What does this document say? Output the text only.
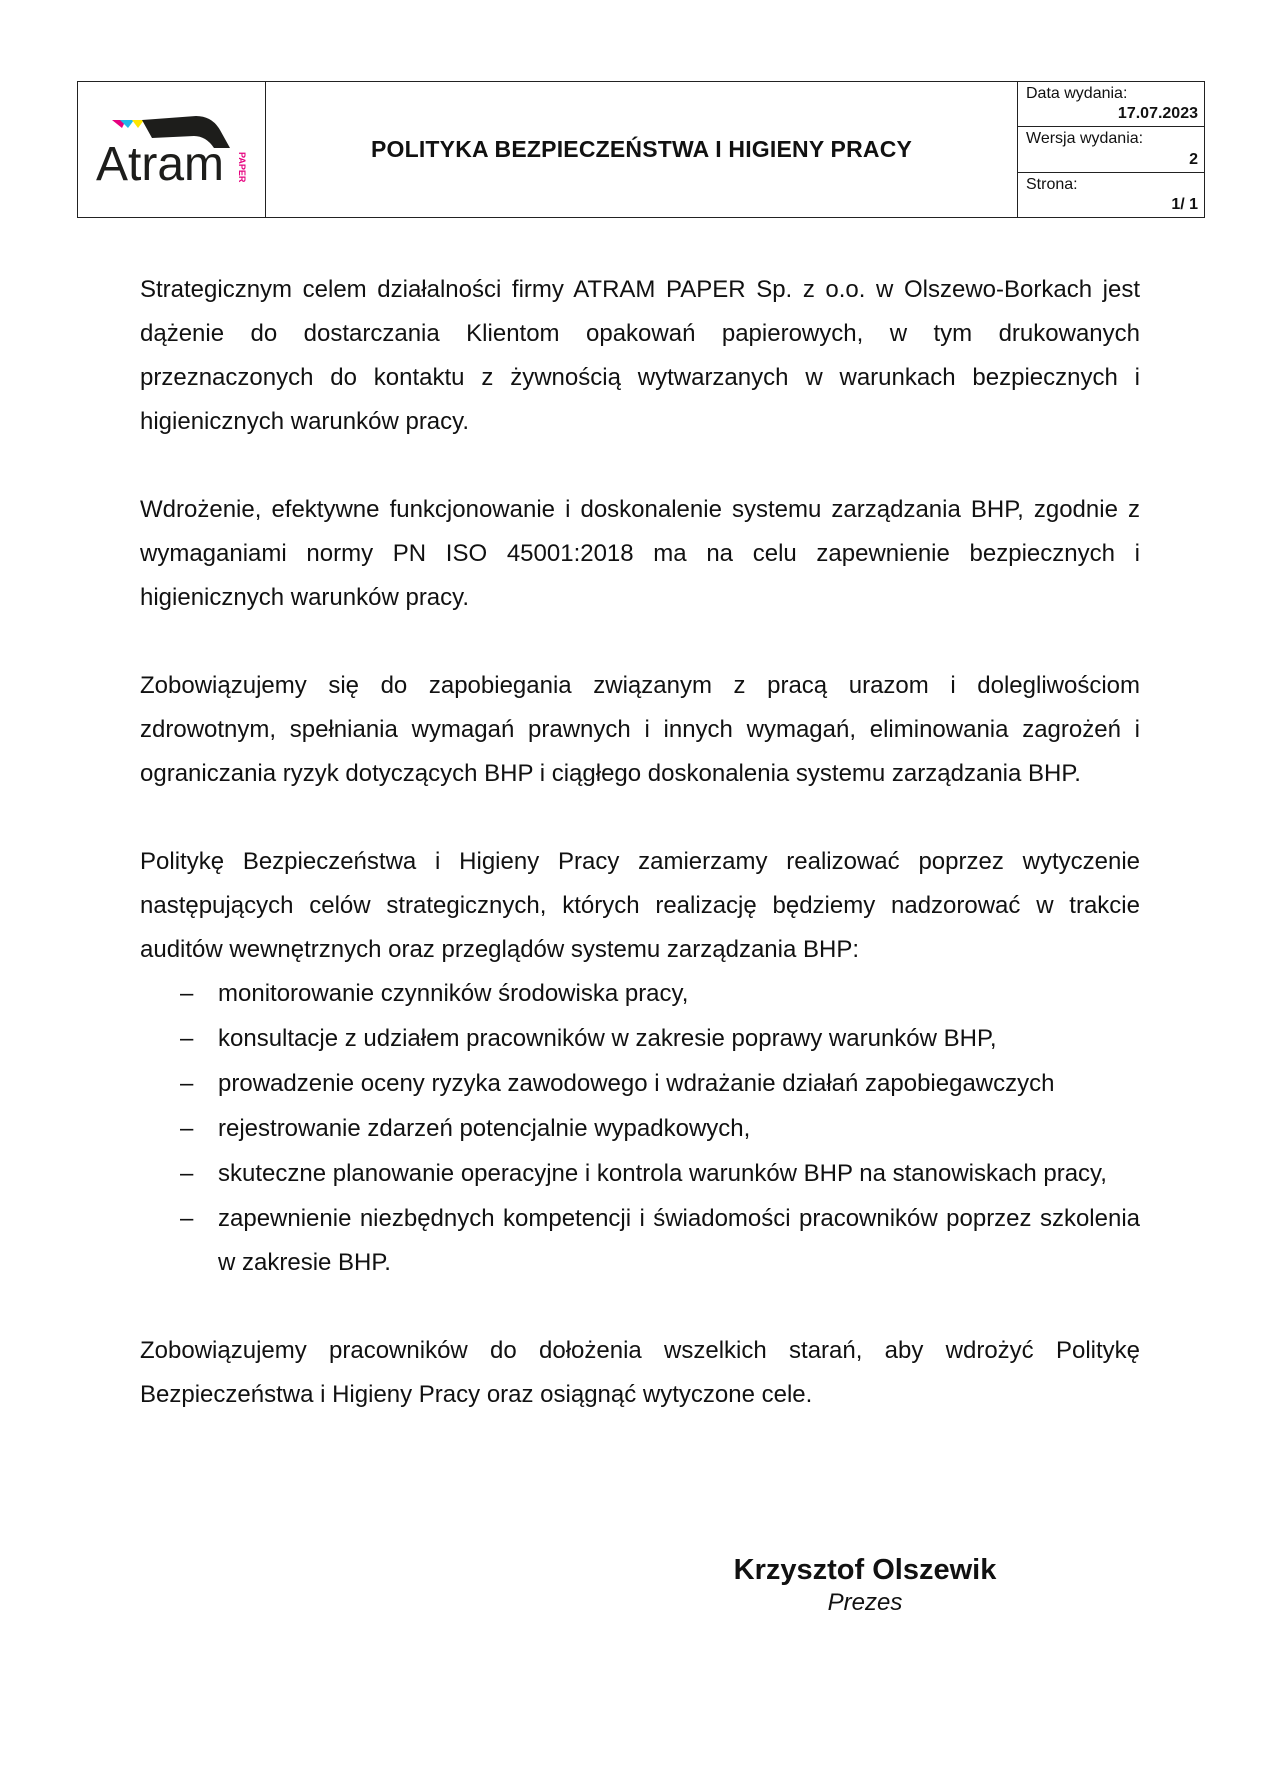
Atram PAPER
POLITYKA BEZPIECZEŃSTWA I HIGIENY PRACY
Data wydania:
17.07.2023
Wersja wydania:
2
Strona:
1/ 1

Strategicznym celem działalności firmy ATRAM PAPER Sp. z o.o. w Olszewo-Borkach jest dążenie do dostarczania Klientom opakowań papierowych, w tym drukowanych przeznaczonych do kontaktu z żywnością wytwarzanych w warunkach bezpiecznych i higienicznych warunków pracy.

Wdrożenie, efektywne funkcjonowanie i doskonalenie systemu zarządzania BHP, zgodnie z wymaganiami normy PN ISO 45001:2018 ma na celu zapewnienie bezpiecznych i higienicznych warunków pracy.

Zobowiązujemy się do zapobiegania związanym z pracą urazom i dolegliwościom zdrowotnym, spełniania wymagań prawnych i innych wymagań, eliminowania zagrożeń i ograniczania ryzyk dotyczących BHP i ciągłego doskonalenia systemu zarządzania BHP.

Politykę Bezpieczeństwa i Higieny Pracy zamierzamy realizować poprzez wytyczenie następujących celów strategicznych, których realizację będziemy nadzorować w trakcie auditów wewnętrznych oraz przeglądów systemu zarządzania BHP:

– monitorowanie czynników środowiska pracy,
– konsultacje z udziałem pracowników w zakresie poprawy warunków BHP,
– prowadzenie oceny ryzyka zawodowego i wdrażanie działań zapobiegawczych
– rejestrowanie zdarzeń potencjalnie wypadkowych,
– skuteczne planowanie operacyjne i kontrola warunków BHP na stanowiskach pracy,
– zapewnienie niezbędnych kompetencji i świadomości pracowników poprzez szkolenia w zakresie BHP.

Zobowiązujemy pracowników do dołożenia wszelkich starań, aby wdrożyć Politykę Bezpieczeństwa i Higieny Pracy oraz osiągnąć wytyczone cele.

Krzysztof Olszewik
Prezes
